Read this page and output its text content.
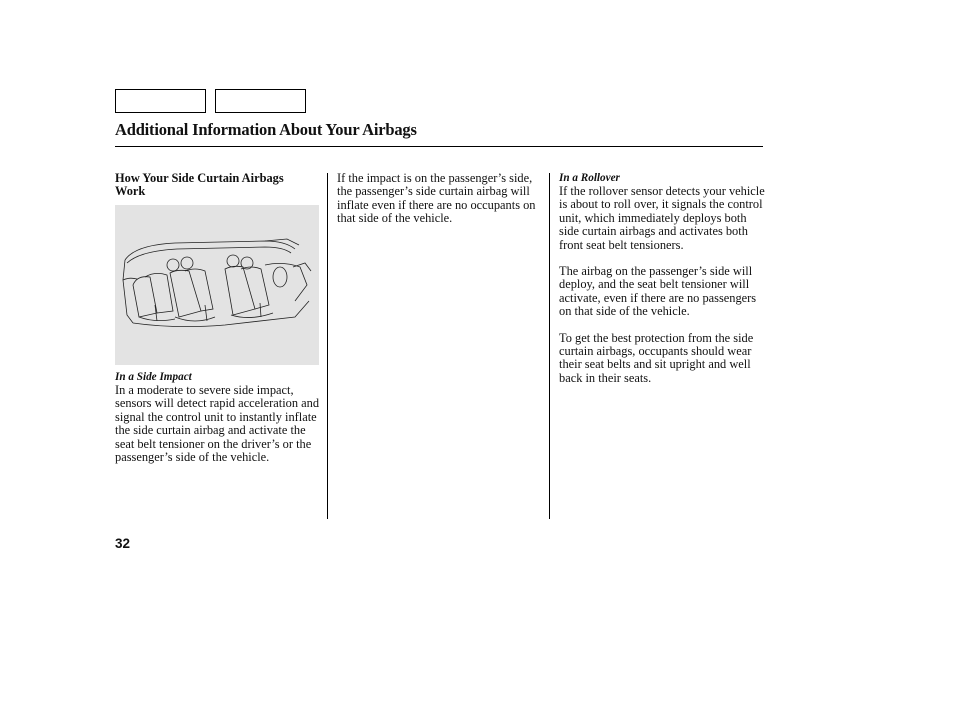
Additional Information About Your Airbags

How Your Side Curtain Airbags Work

In a Side Impact

In a moderate to severe side impact, sensors will detect rapid acceleration and signal the control unit to instantly inflate the side curtain airbag and activate the seat belt tensioner on the driver’s or the passenger’s side of the vehicle.

If the impact is on the passenger’s side, the passenger’s side curtain airbag will inflate even if there are no occupants on that side of the vehicle.

In a Rollover

If the rollover sensor detects your vehicle is about to roll over, it signals the control unit, which immediately deploys both side curtain airbags and activates both front seat belt tensioners.

The airbag on the passenger’s side will deploy, and the seat belt tensioner will activate, even if there are no passengers on that side of the vehicle.

To get the best protection from the side curtain airbags, occupants should wear their seat belts and sit upright and well back in their seats.

32
